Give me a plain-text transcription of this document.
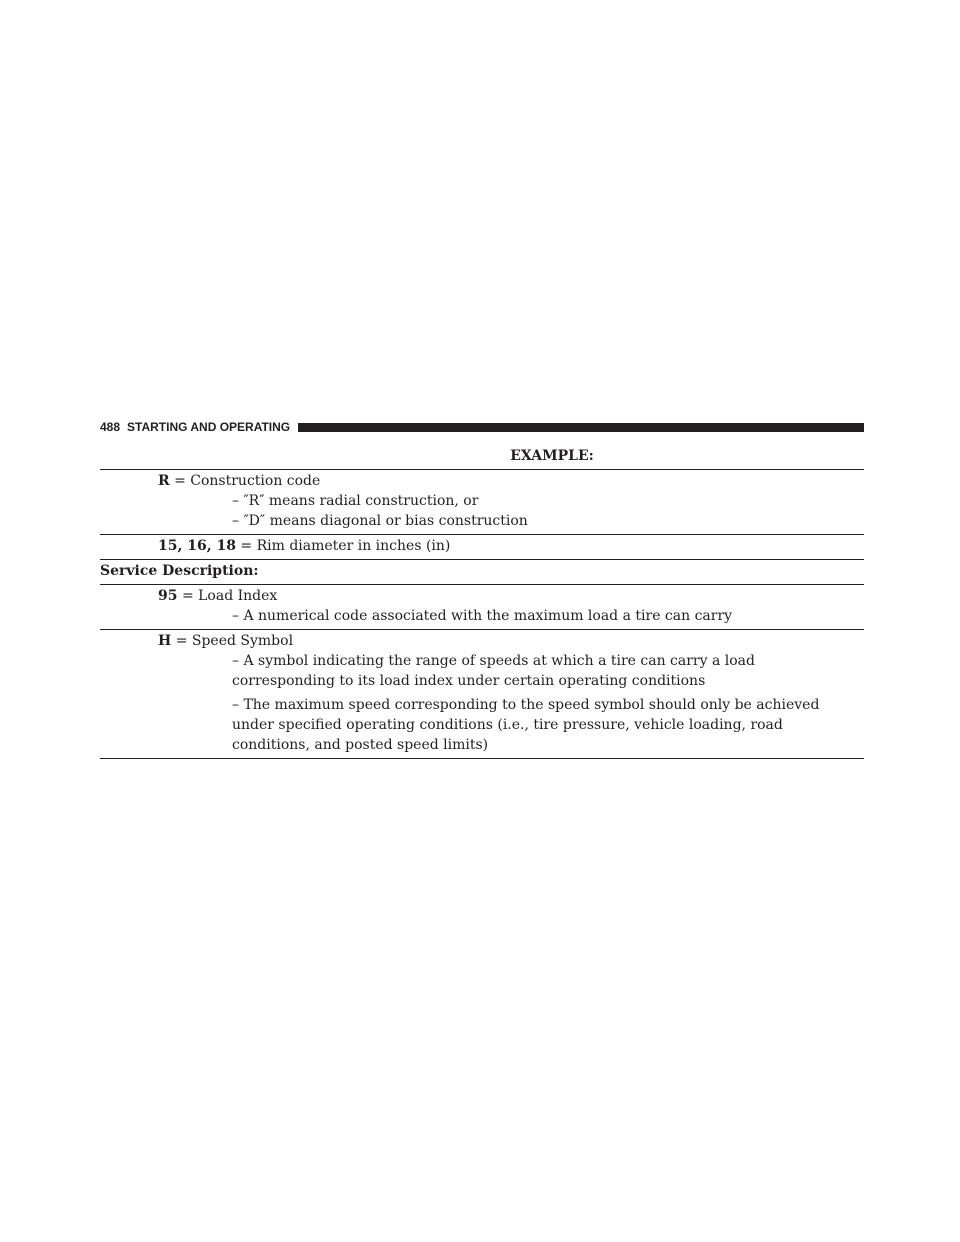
488 STARTING AND OPERATING
EXAMPLE:
R = Construction code
– ″R″ means radial construction, or
– ″D″ means diagonal or bias construction
15, 16, 18 = Rim diameter in inches (in)
Service Description:
95 = Load Index
– A numerical code associated with the maximum load a tire can carry
H = Speed Symbol
– A symbol indicating the range of speeds at which a tire can carry a load corresponding to its load index under certain operating conditions
– The maximum speed corresponding to the speed symbol should only be achieved under specified operating conditions (i.e., tire pressure, vehicle loading, road conditions, and posted speed limits)
